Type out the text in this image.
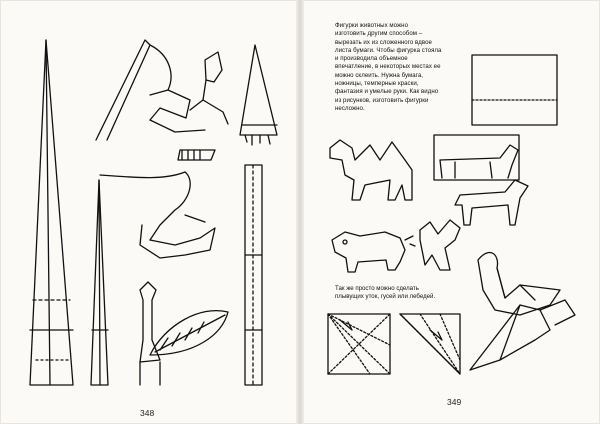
Фигурки животных можно
изготовить другим способом –
вырезать их из сложенного вдвое
листа бумаги. Чтобы фигурка стояла
и производила объемное
впечатление, в некоторых местах ее
можно склеить. Нужна бумага,
ножницы, темперные краски,
фантазия и умелые руки. Как видно
из рисунков, изготовить фигурки
несложно.
Так же просто можно сделать
плывущих уток, гусей или лебедей.
348
349
